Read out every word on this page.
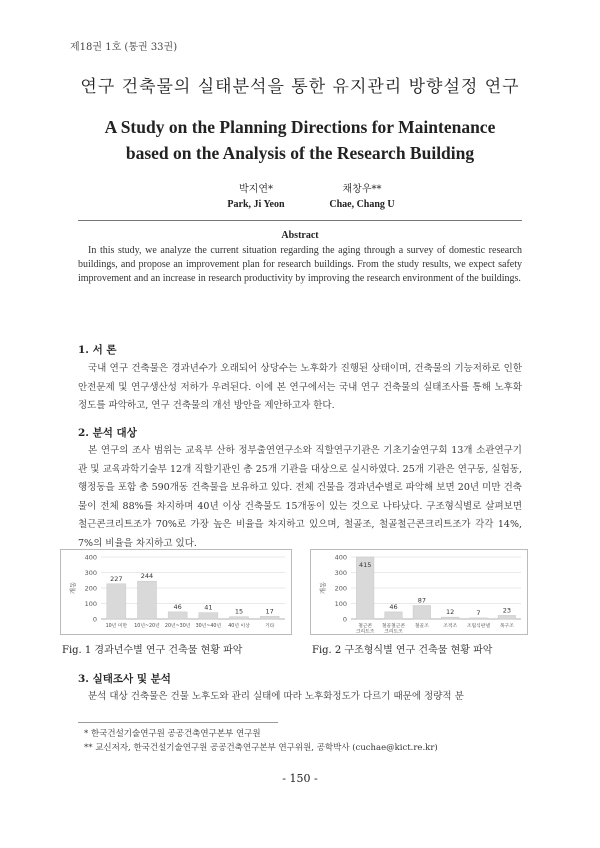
제18권 1호 (통권 33권)
연구 건축물의 실태분석을 통한 유지관리 방향설정 연구
A Study on the Planning Directions for Maintenance
based on the Analysis of the Research Building
박지연*
Park, Ji Yeon
채창우**
Chae, Chang U
Abstract
In this study, we analyze the current situation regarding the aging through a survey of domestic research buildings, and propose an improvement plan for research buildings. From the study results, we expect safety improvement and an increase in research productivity by improving the research environment of the buildings.
1. 서 론
국내 연구 건축물은 경과년수가 오래되어 상당수는 노후화가 진행된 상태이며, 건축물의 기능저하로 인한 안전문제 및 연구생산성 저하가 우려된다. 이에 본 연구에서는 국내 연구 건축물의 실태조사를 통해 노후화 정도를 파악하고, 연구 건축물의 개선 방안을 제안하고자 한다.
2. 분석 대상
본 연구의 조사 범위는 교육부 산하 정부출연연구소와 직할연구기관은 기초기술연구회 13개 소관연구기관 및 교육과학기술부 12개 직할기관인 총 25개 기관을 대상으로 실시하였다. 25개 기관은 연구동, 실험동, 행정동을 포함 총 590개동 건축물을 보유하고 있다. 전체 건물을 경과년수별로 파악해 보면 20년 미만 건축물이 전체 88%를 차지하며 40년 이상 건축물도 15개동이 있는 것으로 나타났다. 구조형식별로 살펴보면 철근콘크리트조가 70%로 가장 높은 비율을 차지하고 있으며, 철골조, 철골철근콘크리트조가 각각 14%, 7%의 비율을 차지하고 있다.
0
100
200
300
400
개동
227
10년 미만
244
10년~20년
46
20년~30년
41
30년~40년
15
40년 이상
17
기타
0
100
200
300
400
개동
415
철근콘 크리트조
46
철골철근콘 크리트조
87
철골조
12
조적조
7
조립식판넬
23
목구조
Fig. 1 경과년수별 연구 건축물 현황 파악	Fig. 2 구조형식별 연구 건축물 현황 파악
3. 실태조사 및 분석
분석 대상 건축물은 건물 노후도와 관리 실태에 따라 노후화정도가 다르기 때문에 정량적 분
* 한국건설기술연구원 공공건축연구본부 연구원
** 교신저자, 한국건설기술연구원 공공건축연구본부 연구위원, 공학박사 (cuchae@kict.re.kr)
- 150 -
